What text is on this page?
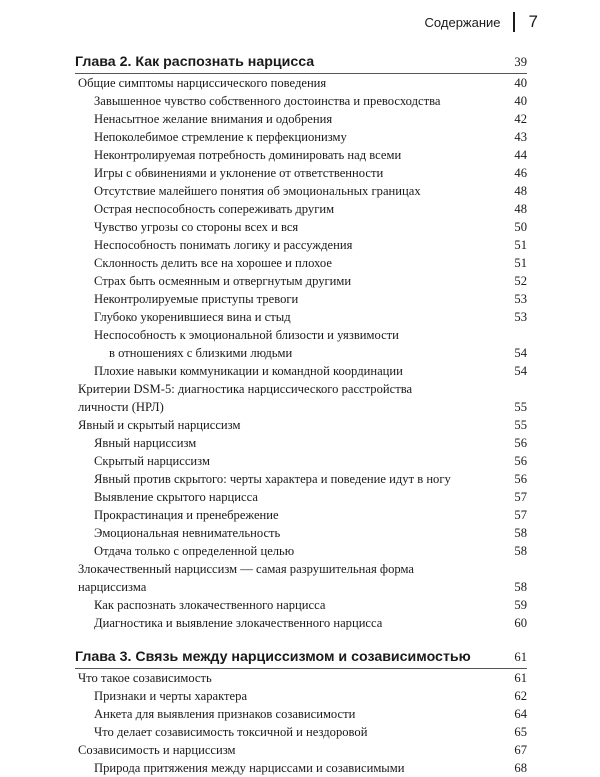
Содержание 7
Глава 2. Как распознать нарцисса	39
Общие симптомы нарциссического поведения	40
Завышенное чувство собственного достоинства и превосходства	40
Ненасытное желание внимания и одобрения	42
Непоколебимое стремление к перфекционизму	43
Неконтролируемая потребность доминировать над всеми	44
Игры с обвинениями и уклонение от ответственности	46
Отсутствие малейшего понятия об эмоциональных границах	48
Острая неспособность сопереживать другим	48
Чувство угрозы со стороны всех и вся	50
Неспособность понимать логику и рассуждения	51
Склонность делить все на хорошее и плохое	51
Страх быть осмеянным и отвергнутым другими	52
Неконтролируемые приступы тревоги	53
Глубоко укоренившиеся вина и стыд	53
Неспособность к эмоциональной близости и уязвимости
в отношениях с близкими людьми	54
Плохие навыки коммуникации и командной координации	54
Критерии DSM-5: диагностика нарциссического расстройства
личности (НРЛ)	55
Явный и скрытый нарциссизм	55
Явный нарциссизм	56
Скрытый нарциссизм	56
Явный против скрытого: черты характера и поведение идут в ногу	56
Выявление скрытого нарцисса	57
Прокрастинация и пренебрежение	57
Эмоциональная невнимательность	58
Отдача только с определенной целью	58
Злокачественный нарциссизм — самая разрушительная форма
нарциссизма	58
Как распознать злокачественного нарцисса	59
Диагностика и выявление злокачественного нарцисса	60
Глава 3. Связь между нарциссизмом и созависимостью	61
Что такое созависимость	61
Признаки и черты характера	62
Анкета для выявления признаков созависимости	64
Что делает созависимость токсичной и нездоровой	65
Созависимость и нарциссизм	67
Природа притяжения между нарциссами и созависимыми	68
